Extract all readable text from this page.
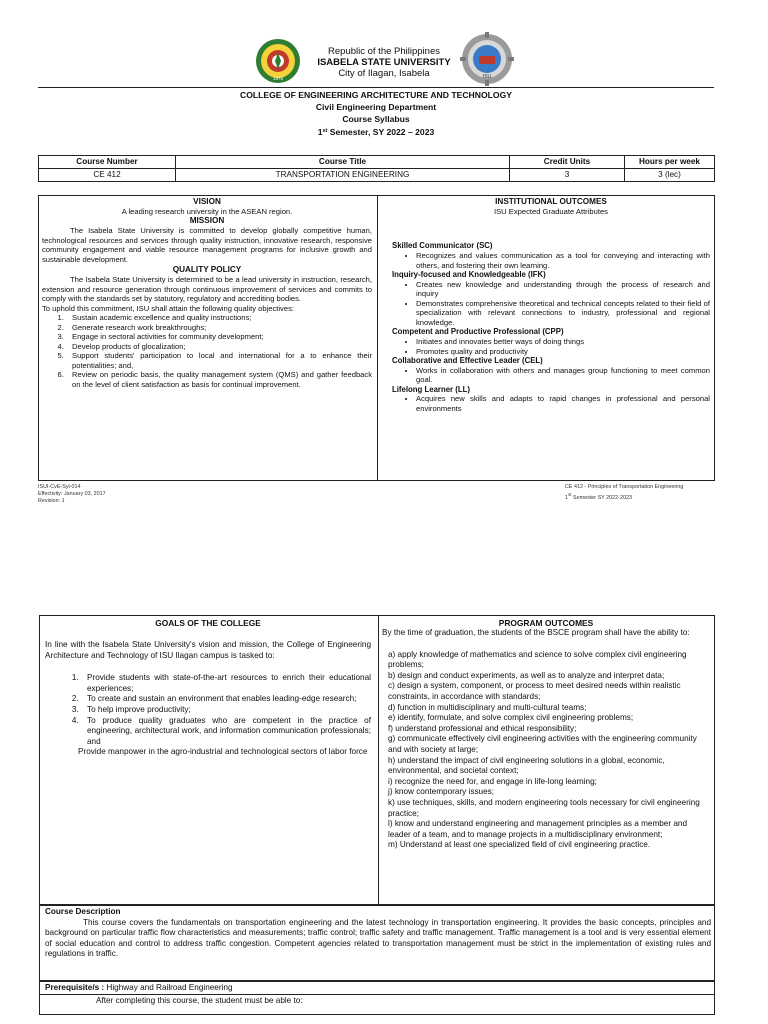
1978
Republic of the Philippines
ISABELA STATE UNIVERSITY
City of Ilagan, Isabela	ISU
COLLEGE OF ENGINEERING ARCHITECTURE AND TECHNOLOGY
Civil Engineering Department
Course Syllabus
1st Semester, SY 2022 – 2023
Course Number	Course Title	Credit Units	Hours per week
CE 412	TRANSPORTATION ENGINEERING	3	3 (lec)
VISION
A leading research university in the ASEAN region.
MISSION
The Isabela State University is committed to develop globally competitive human, technological resources and services through quality instruction, innovative research, responsive community engagement and viable resource management programs for inclusive growth and sustainable development.
QUALITY POLICY
The Isabela State University is determined to be a lead university in instruction, research, extension and resource generation through continuous improvement of services and commits to comply with the standards set by statutory, regulatory and accrediting bodies.
To uphold this commitment, ISU shall attain the following quality objectives:
1. Sustain academic excellence and quality instructions;
2. Generate research work breakthroughs;
3. Engage in sectoral activities for community development;
4. Develop products of glocalization;
5. Support students' participation to local and international for a to enhance their potentialities; and,
6. Review on periodic basis, the quality management system (QMS) and gather feedback on the level of client satisfaction as basis for continual improvement.
INSTITUTIONAL OUTCOMES
ISU Expected Graduate Attributes
Skilled Communicator (SC)
• Recognizes and values communication as a tool for conveying and interacting with others, and fostering their own learning.
Inquiry-focused and Knowledgeable (IFK)
• Creates new knowledge and understanding through the process of research and inquiry
• Demonstrates comprehensive theoretical and technical concepts related to their field of specialization with relevant connections to industry, professional and regional knowledge.
Competent and Productive Professional (CPP)
• Initiates and innovates better ways of doing things
• Promotes quality and productivity
Collaborative and Effective Leader (CEL)
• Works in collaboration with others and manages group functioning to meet common goal.
Lifelong Learner (LL)
• Acquires new skills and adapts to rapid changes in professional and personal environments
ISUI-CvE-Syl-014
Effectivity: January 03, 2017
Revision: 1
CE 412 - Principles of Transportation Engineering
1st Semester SY 2022-2023
GOALS OF THE COLLEGE
In line with the Isabela State University's vision and mission, the College of Engineering Architecture and Technology of ISU Ilagan campus is tasked to:
1. Provide students with state-of-the-art resources to enrich their educational experiences;
2. To create and sustain an environment that enables leading-edge research;
3. To help improve productivity;
4. To produce quality graduates who are competent in the practice of engineering, architectural work, and information communication professionals; and
Provide manpower in the agro-industrial and technological sectors of labor force
PROGRAM OUTCOMES
By the time of graduation, the students of the BSCE program shall have the ability to:
a) apply knowledge of mathematics and science to solve complex civil engineering problems;
b) design and conduct experiments, as well as to analyze and interpret data;
c) design a system, component, or process to meet desired needs within realistic constraints, in accordance with standards;
d) function in multidisciplinary and multi-cultural teams;
e) identify, formulate, and solve complex civil engineering problems;
f) understand professional and ethical responsibility;
g) communicate effectively civil engineering activities with the engineering community and with society at large;
h) understand the impact of civil engineering solutions in a global, economic, environmental, and societal context;
i) recognize the need for, and engage in life-long learning;
j) know contemporary issues;
k) use techniques, skills, and modern engineering tools necessary for civil engineering practice;
l) know and understand engineering and management principles as a member and leader of a team, and to manage projects in a multidisciplinary environment;
m) Understand at least one specialized field of civil engineering practice.
Course Description
This course covers the fundamentals on transportation engineering and the latest technology in transportation engineering. It provides the basic concepts, principles and background on particular traffic flow characteristics and measurements; traffic control; traffic safety and traffic management. Traffic management is a tool and is very essential element of social education and control to address traffic congestion. Competent agencies related to transportation management must be strict in the implementation of existing rules and regulations in traffic.
Prerequisite/s : Highway and Railroad Engineering
After completing this course, the student must be able to:
